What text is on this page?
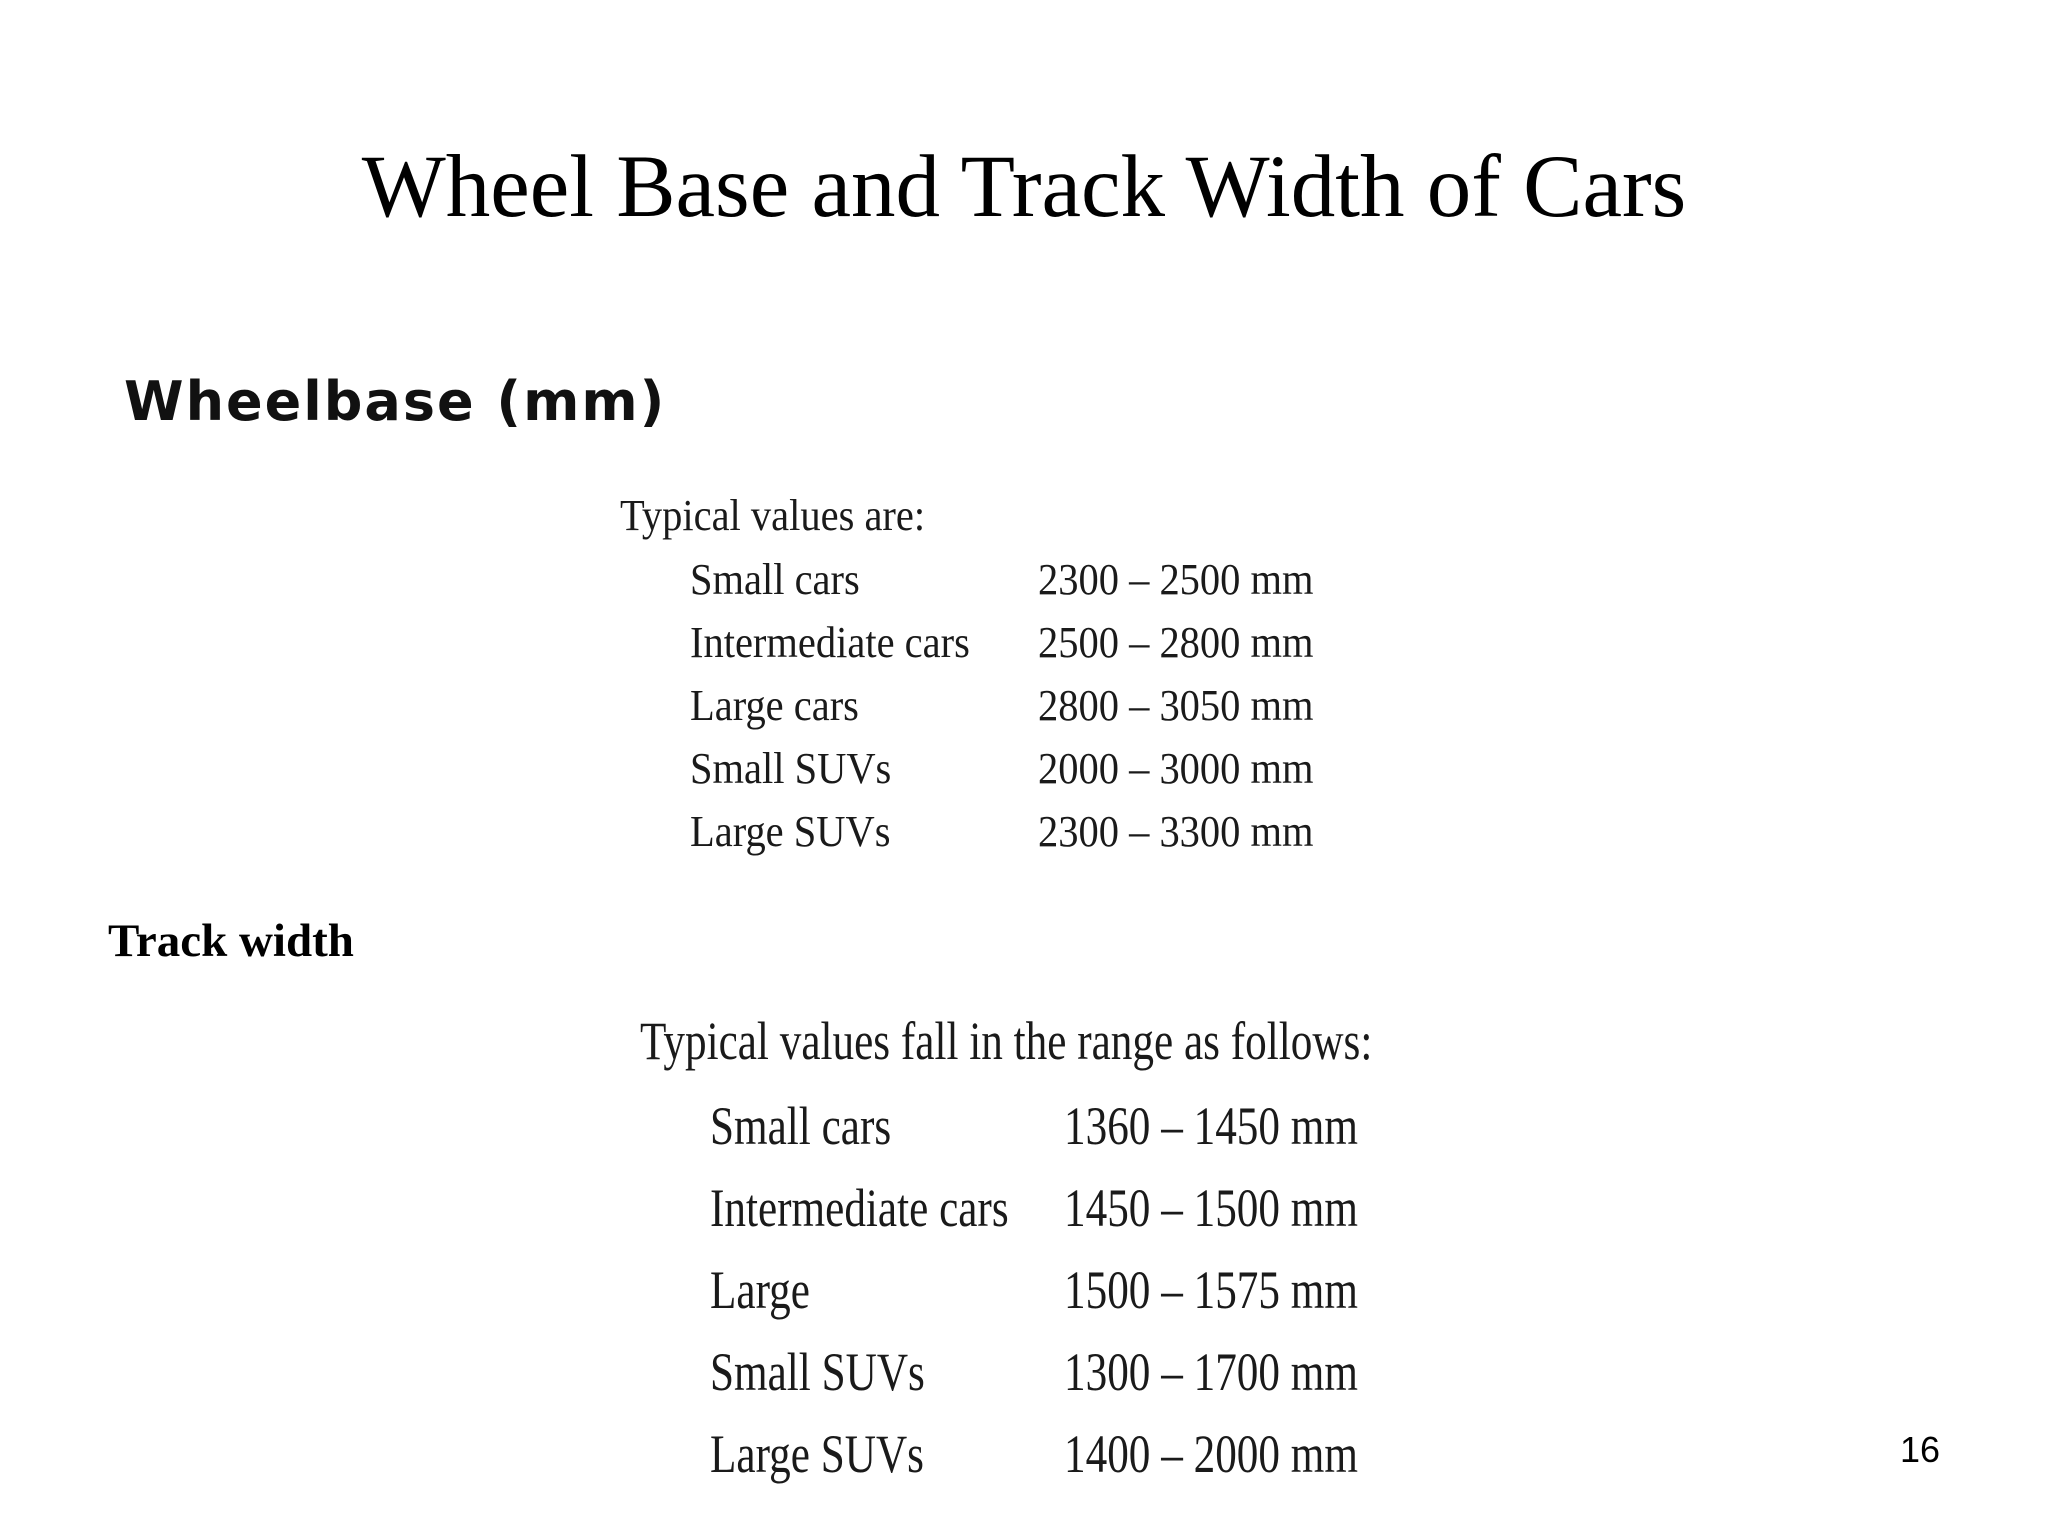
Wheel Base and Track Width of Cars
Wheelbase (mm)
Typical values are:
Small cars	2300 – 2500 mm
Intermediate cars	2500 – 2800 mm
Large cars	2800 – 3050 mm
Small SUVs	2000 – 3000 mm
Large SUVs	2300 – 3300 mm
Track width
Typical values fall in the range as follows:
Small cars	1360 – 1450 mm
Intermediate cars 1450 – 1500 mm
Large	1500 – 1575 mm
Small SUVs	1300 – 1700 mm
Large SUVs	1400 – 2000 mm	16
